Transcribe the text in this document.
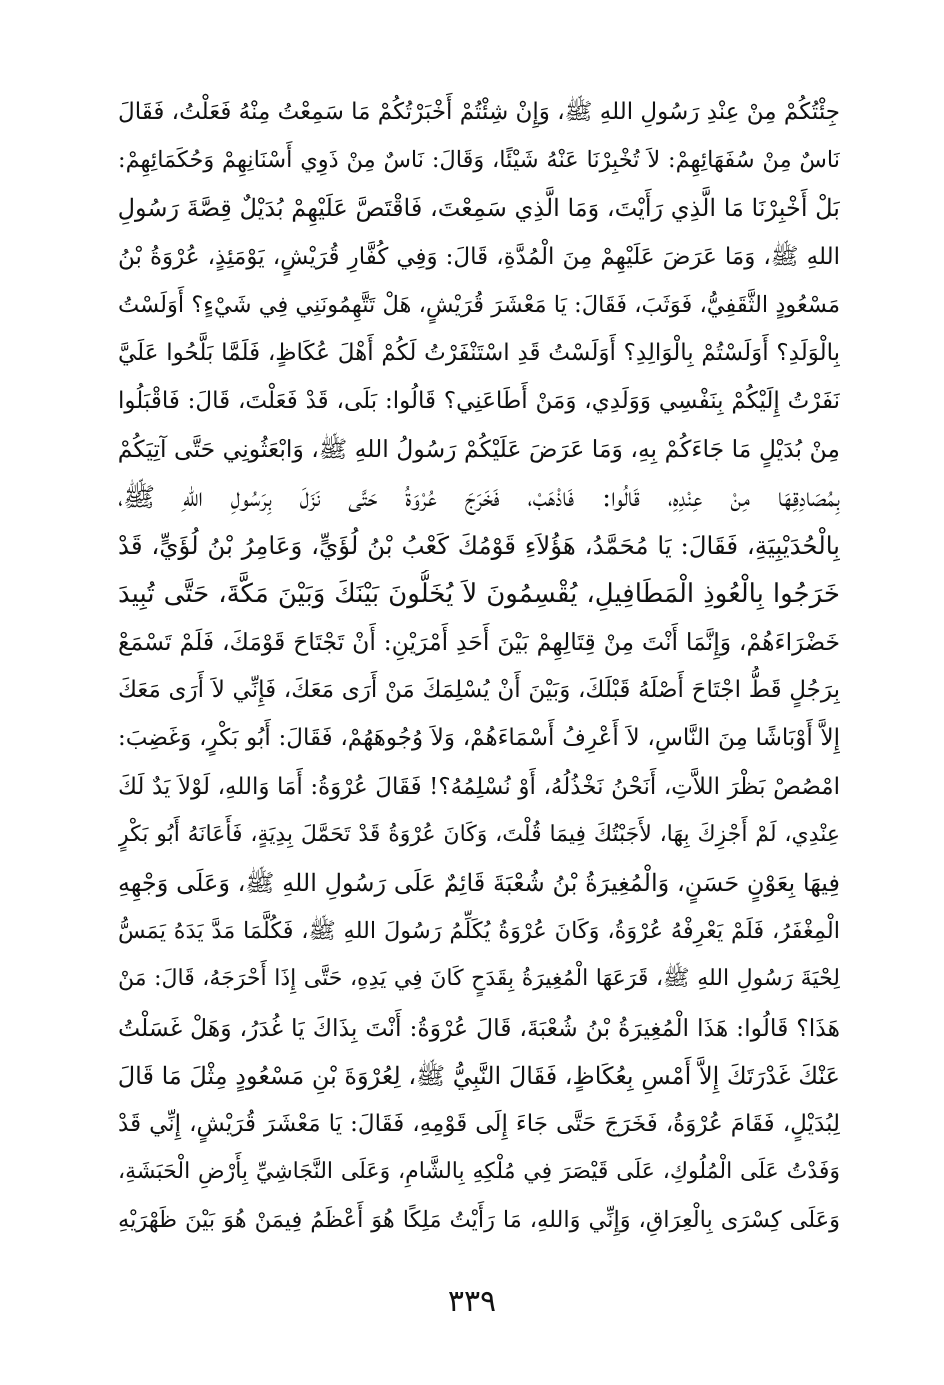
جِئْتُكُمْ مِنْ عِنْدِ رَسُولِ اللهِ ﷺ، وَإِنْ شِئْتُمْ أَخْبَرْتُكُمْ مَا سَمِعْتُ مِنْهُ فَعَلْتُ، فَقَالَ
نَاسٌ مِنْ سُفَهَائِهِمْ: لاَ تُخْبِرْنَا عَنْهُ شَيْئًا، وَقَالَ: نَاسٌ مِنْ ذَوِي أَسْنَانِهِمْ وَحُكَمَائِهِمْ:
بَلْ أَخْبِرْنَا مَا الَّذِي رَأَيْتَ، وَمَا الَّذِي سَمِعْتَ، فَاقْتَصَّ عَلَيْهِمْ بُدَيْلٌ قِصَّةَ رَسُولِ
اللهِ ﷺ، وَمَا عَرَضَ عَلَيْهِمْ مِنَ الْمُدَّةِ، قَالَ: وَفِي كُفَّارِ قُرَيْشٍ، يَوْمَئِذٍ، عُرْوَةُ بْنُ
مَسْعُودٍ الثَّقَفِيُّ، فَوَثَبَ، فَقَالَ: يَا مَعْشَرَ قُرَيْشٍ، هَلْ تَتَّهِمُونَنِي فِي شَيْءٍ؟ أَوَلَسْتُ
بِالْوَلَدِ؟ أَوَلَسْتُمْ بِالْوَالِدِ؟ أَوَلَسْتُ قَدِ اسْتَنْفَرْتُ لَكُمْ أَهْلَ عُكَاظٍ، فَلَمَّا بَلَّحُوا عَلَيَّ
نَفَرْتُ إِلَيْكُمْ بِنَفْسِي وَوَلَدِي، وَمَنْ أَطَاعَنِي؟ قَالُوا: بَلَى، قَدْ فَعَلْتَ، قَالَ: فَاقْبَلُوا
مِنْ بُدَيْلٍ مَا جَاءَكُمْ بِهِ، وَمَا عَرَضَ عَلَيْكُمْ رَسُولُ اللهِ ﷺ، وَابْعَثُونِي حَتَّى آتِيَكُمْ
بِمُصَادِقِهَا مِنْ عِنْدِهِ، قَالُوا: فَاذْهَبْ، فَخَرَجَ عُرْوَةُ حَتَّى نَزَلَ بِرَسُولِ اللهِ ﷺ،
بِالْحُدَيْبِيَةِ، فَقَالَ: يَا مُحَمَّدُ، هَؤُلاَءِ قَوْمُكَ كَعْبُ بْنُ لُؤَيٍّ، وَعَامِرُ بْنُ لُؤَيٍّ، قَدْ
خَرَجُوا بِالْعُوذِ الْمَطَافِيلِ، يُقْسِمُونَ لاَ يُخَلُّونَ بَيْنَكَ وَبَيْنَ مَكَّةَ، حَتَّى تُبِيدَ
خَضْرَاءَهُمْ، وَإِنَّمَا أَنْتَ مِنْ قِتَالِهِمْ بَيْنَ أَحَدِ أَمْرَيْنِ: أَنْ تَجْتَاحَ قَوْمَكَ، فَلَمْ تَسْمَعْ
بِرَجُلٍ قَطُّ اجْتَاحَ أَصْلَهُ قَبْلَكَ، وَبَيْنَ أَنْ يُسْلِمَكَ مَنْ أَرَى مَعَكَ، فَإِنِّي لاَ أَرَى مَعَكَ
إِلاَّ أَوْبَاشًا مِنَ النَّاسِ، لاَ أَعْرِفُ أَسْمَاءَهُمْ، وَلاَ وُجُوهَهُمْ، فَقَالَ: أَبُو بَكْرٍ، وَغَضِبَ:
امْصُصْ بَظْرَ اللاَّتِ، أَنَحْنُ نَخْذُلُهُ، أَوْ نُسْلِمُهُ؟! فَقَالَ عُرْوَةُ: أَمَا وَاللهِ، لَوْلاَ يَدٌ لَكَ
عِنْدِي، لَمْ أَجْزِكَ بِهَا، لأَجَبْتُكَ فِيمَا قُلْتَ، وَكَانَ عُرْوَةُ قَدْ تَحَمَّلَ بِدِيَةٍ، فَأَعَانَهُ أَبُو بَكْرٍ
فِيهَا بِعَوْنٍ حَسَنٍ، وَالْمُغِيرَةُ بْنُ شُعْبَةَ قَائِمٌ عَلَى رَسُولِ اللهِ ﷺ، وَعَلَى وَجْهِهِ
الْمِغْفَرُ، فَلَمْ يَعْرِفْهُ عُرْوَةُ، وَكَانَ عُرْوَةُ يُكَلِّمُ رَسُولَ اللهِ ﷺ، فَكُلَّمَا مَدَّ يَدَهُ يَمَسُّ
لِحْيَةَ رَسُولِ اللهِ ﷺ، قَرَعَهَا الْمُغِيرَةُ بِقَدَحٍ كَانَ فِي يَدِهِ، حَتَّى إِذَا أَحْرَجَهُ، قَالَ: مَنْ
هَذَا؟ قَالُوا: هَذَا الْمُغِيرَةُ بْنُ شُعْبَةَ، قَالَ عُرْوَةُ: أَنْتَ بِذَاكَ يَا غُدَرُ، وَهَلْ غَسَلْتُ
عَنْكَ غَدْرَتَكَ إِلاَّ أَمْسِ بِعُكَاظٍ، فَقَالَ النَّبِيُّ ﷺ، لِعُرْوَةَ بْنِ مَسْعُودٍ مِثْلَ مَا قَالَ
لِبُدَيْلٍ، فَقَامَ عُرْوَةُ، فَخَرَجَ حَتَّى جَاءَ إِلَى قَوْمِهِ، فَقَالَ: يَا مَعْشَرَ قُرَيْشٍ، إِنِّي قَدْ
وَفَدْتُ عَلَى الْمُلُوكِ، عَلَى قَيْصَرَ فِي مُلْكِهِ بِالشَّامِ، وَعَلَى النَّجَاشِيِّ بِأَرْضِ الْحَبَشَةِ،
وَعَلَى كِسْرَى بِالْعِرَاقِ، وَإِنِّي وَاللهِ، مَا رَأَيْتُ مَلِكًا هُوَ أَعْظَمُ فِيمَنْ هُوَ بَيْنَ ظَهْرَيْهِ
٣٣٩
